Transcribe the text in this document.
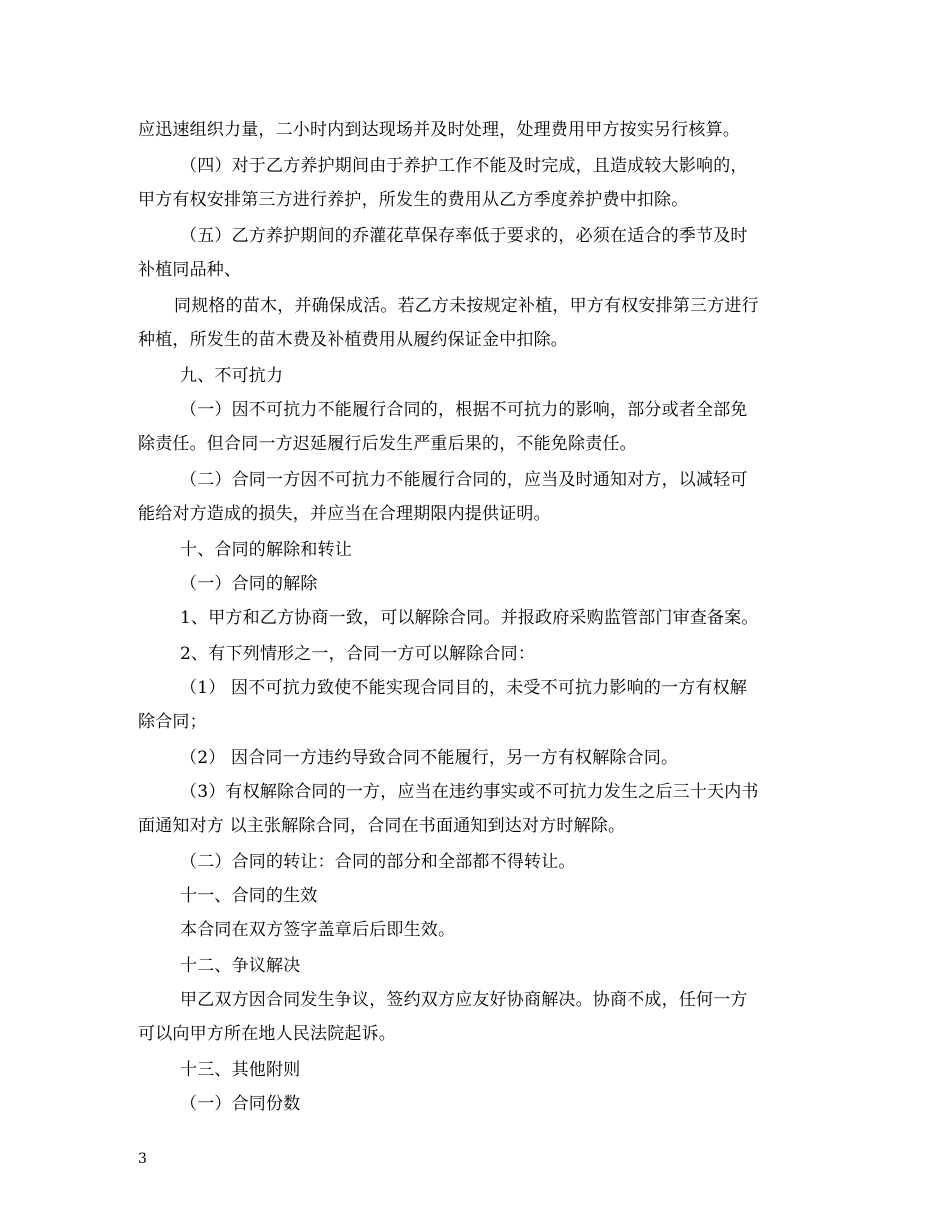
应迅速组织力量，二小时内到达现场并及时处理，处理费用甲方按实另行核算。
（四）对于乙方养护期间由于养护工作不能及时完成，且造成较大影响的，
甲方有权安排第三方进行养护，所发生的费用从乙方季度养护费中扣除。
（五）乙方养护期间的乔灌花草保存率低于要求的，必须在适合的季节及时
补植同品种、
同规格的苗木，并确保成活。若乙方未按规定补植，甲方有权安排第三方进行
种植，所发生的苗木费及补植费用从履约保证金中扣除。
九、不可抗力
（一）因不可抗力不能履行合同的，根据不可抗力的影响，部分或者全部免
除责任。但合同一方迟延履行后发生严重后果的，不能免除责任。
（二）合同一方因不可抗力不能履行合同的，应当及时通知对方，以减轻可
能给对方造成的损失，并应当在合理期限内提供证明。
十、合同的解除和转让
（一）合同的解除
1、甲方和乙方协商一致，可以解除合同。并报政府采购监管部门审查备案。
2、有下列情形之一，合同一方可以解除合同：
（1） 因不可抗力致使不能实现合同目的，未受不可抗力影响的一方有权解
除合同；
（2） 因合同一方违约导致合同不能履行，另一方有权解除合同。
（3）有权解除合同的一方，应当在违约事实或不可抗力发生之后三十天内书
面通知对方 以主张解除合同，合同在书面通知到达对方时解除。
（二）合同的转让：合同的部分和全部都不得转让。
十一、合同的生效
本合同在双方签字盖章后后即生效。
十二、争议解决
甲乙双方因合同发生争议，签约双方应友好协商解决。协商不成，任何一方
可以向甲方所在地人民法院起诉。
十三、其他附则
（一）合同份数
3
